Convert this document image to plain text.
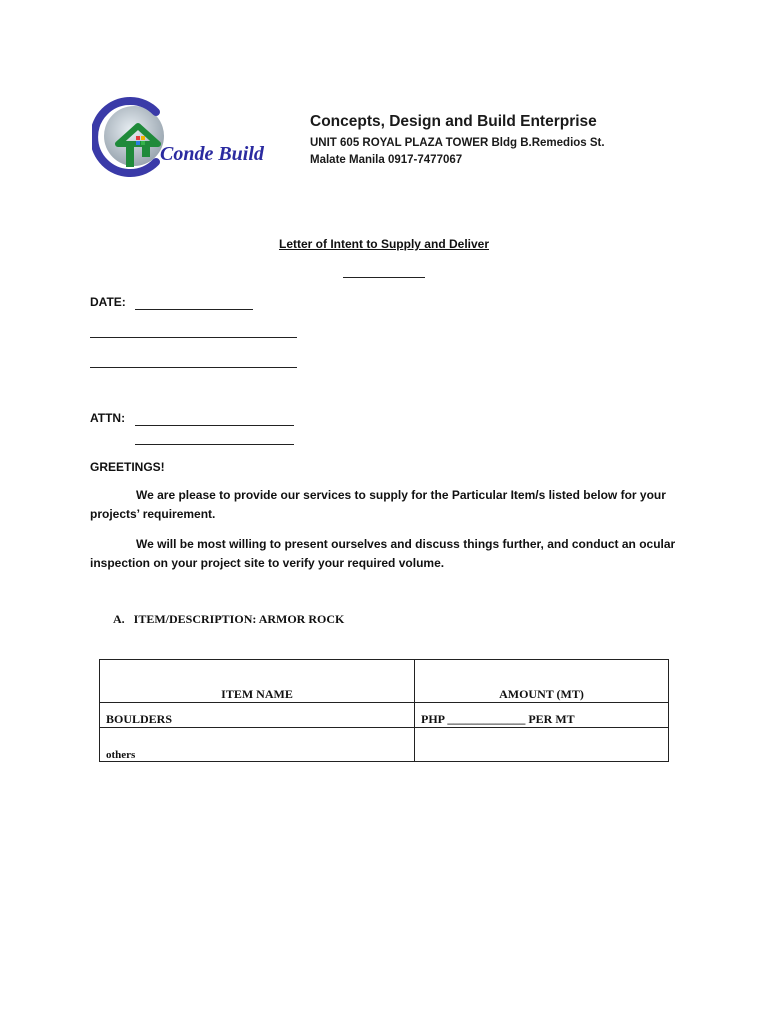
Conde Build
Concepts, Design and Build Enterprise
UNIT 605 ROYAL PLAZA TOWER Bldg B.Remedios St.
Malate Manila 0917-7477067
Letter of Intent to Supply and Deliver
DATE:
ATTN:
GREETINGS!
We are please to provide our services to supply for the Particular Item/s listed below for your projects’ requirement.
We will be most willing to present ourselves and discuss things further, and conduct an ocular inspection on your project site to verify your required volume.
A.   ITEM/DESCRIPTION: ARMOR ROCK
ITEM NAME	AMOUNT (MT)
BOULDERS	PHP _____________ PER MT
others	
